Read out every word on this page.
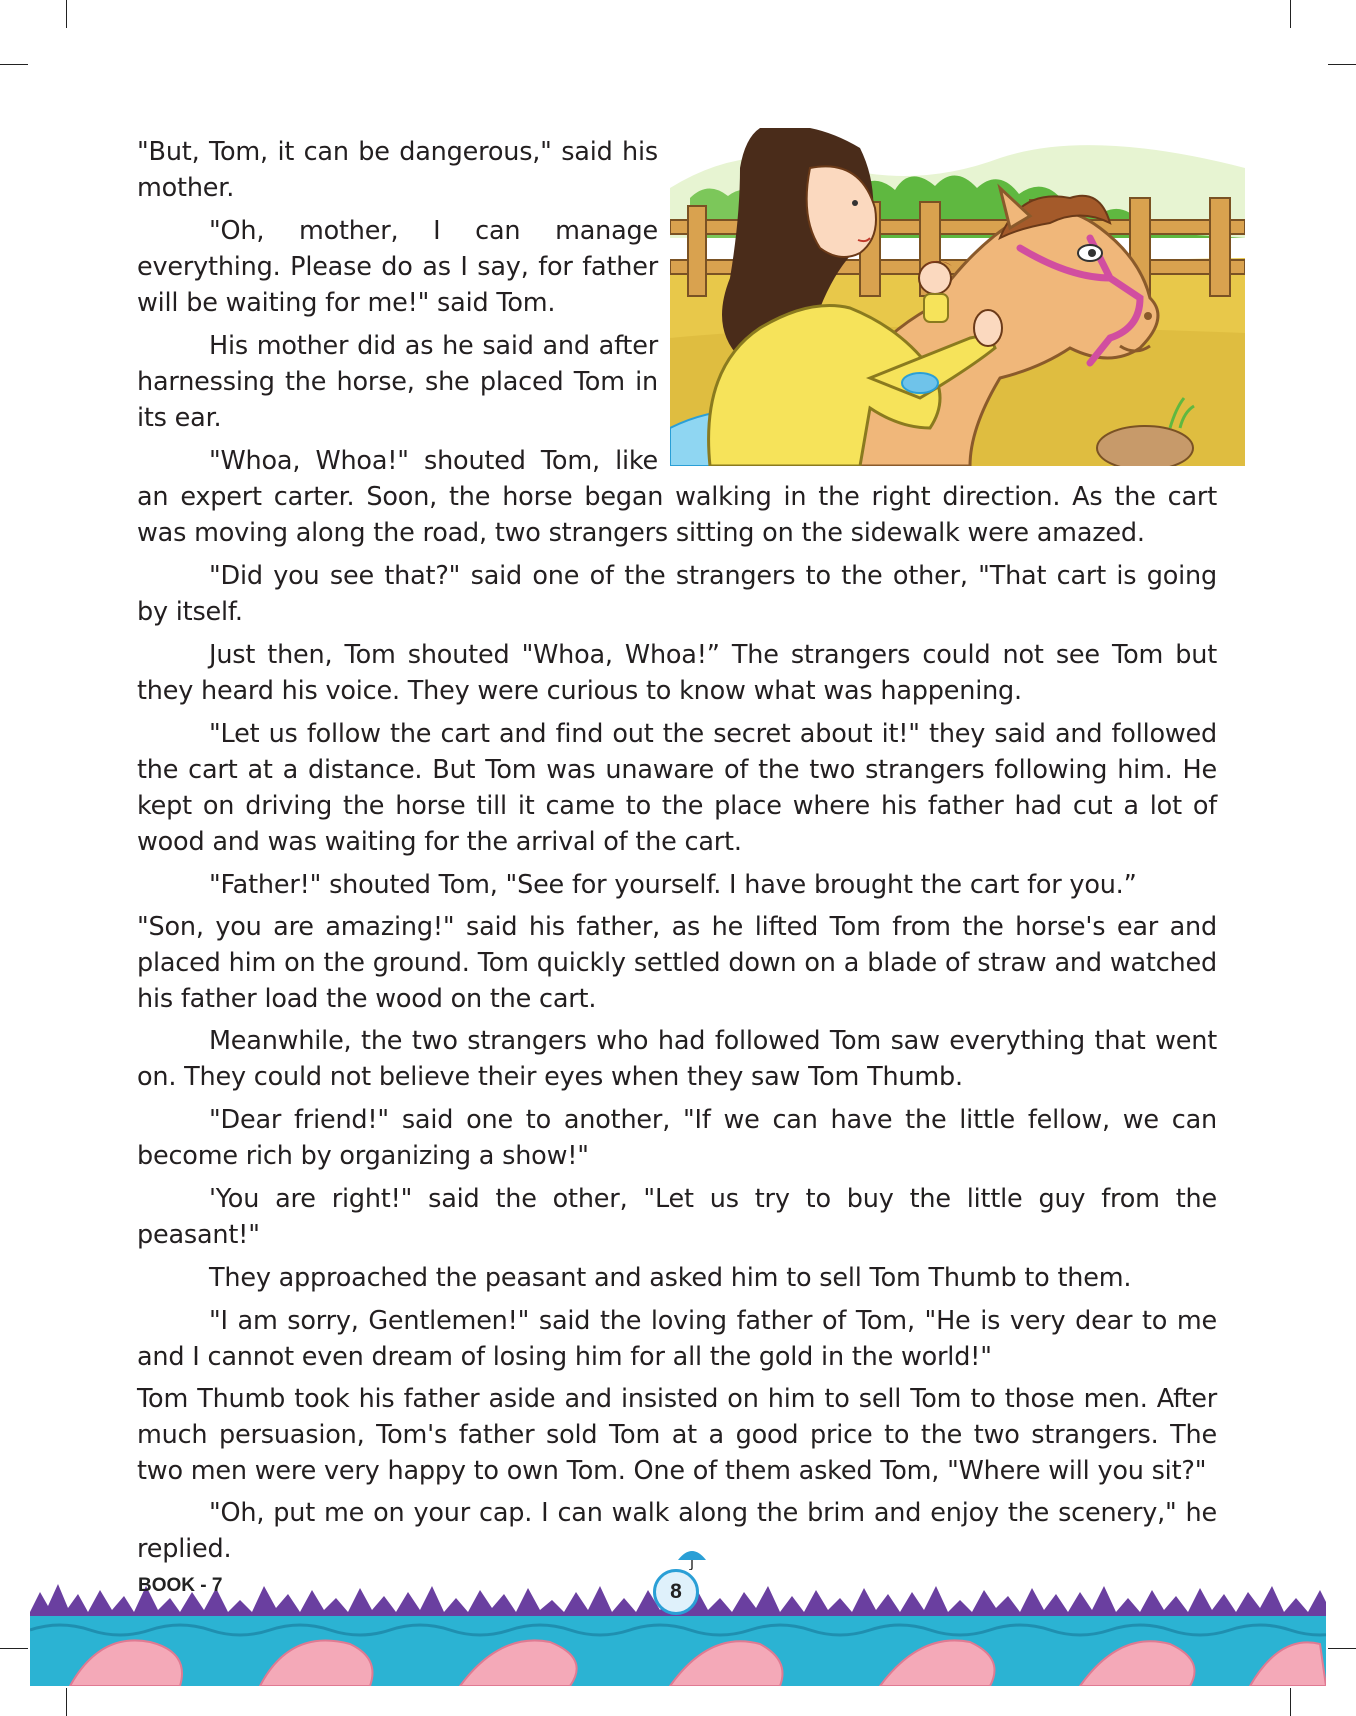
"But, Tom, it can be dangerous," said his mother.

"Oh, mother, I can manage everything. Please do as I say, for father will be waiting for me!" said Tom.

His mother did as he said and after harnessing the horse, she placed Tom in its ear.

"Whoa, Whoa!" shouted Tom, like an expert carter. Soon, the horse began walking in the right direction. As the cart was moving along the road, two strangers sitting on the sidewalk were amazed.

"Did you see that?" said one of the strangers to the other, "That cart is going by itself.

Just then, Tom shouted "Whoa, Whoa!” The strangers could not see Tom but they heard his voice. They were curious to know what was happening.

"Let us follow the cart and find out the secret about it!" they said and followed the cart at a distance. But Tom was unaware of the two strangers following him. He kept on driving the horse till it came to the place where his father had cut a lot of wood and was waiting for the arrival of the cart.

"Father!" shouted Tom, "See for yourself. I have brought the cart for you.”

"Son, you are amazing!" said his father, as he lifted Tom from the horse's ear and placed him on the ground. Tom quickly settled down on a blade of straw and watched his father load the wood on the cart.

Meanwhile, the two strangers who had followed Tom saw everything that went on. They could not believe their eyes when they saw Tom Thumb.

"Dear friend!" said one to another, "If we can have the little fellow, we can become rich by organizing a show!"

'You are right!" said the other, "Let us try to buy the little guy from the peasant!"

They approached the peasant and asked him to sell Tom Thumb to them.

"I am sorry, Gentlemen!" said the loving father of Tom, "He is very dear to me and I cannot even dream of losing him for all the gold in the world!"

Tom Thumb took his father aside and insisted on him to sell Tom to those men. After much persuasion, Tom's father sold Tom at a good price to the two strangers. The two men were very happy to own Tom. One of them asked Tom, "Where will you sit?"

"Oh, put me on your cap. I can walk along the brim and enjoy the scenery," he replied.

BOOK - 7	8
